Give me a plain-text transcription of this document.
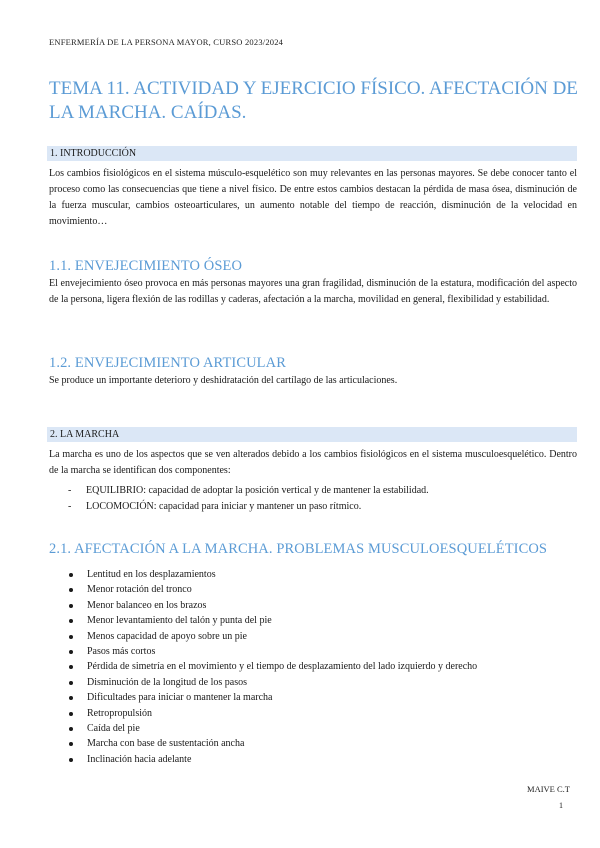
ENFERMERÍA DE LA PERSONA MAYOR, CURSO 2023/2024
TEMA 11. ACTIVIDAD Y EJERCICIO FÍSICO. AFECTACIÓN DE LA MARCHA. CAÍDAS.
1. INTRODUCCIÓN

Los cambios fisiológicos en el sistema músculo-esquelético son muy relevantes en las personas mayores. Se debe conocer tanto el proceso como las consecuencias que tiene a nivel físico. De entre estos cambios destacan la pérdida de masa ósea, disminución de la fuerza muscular, cambios osteoarticulares, un aumento notable del tiempo de reacción, disminución de la velocidad en movimiento…

1.1. ENVEJECIMIENTO ÓSEO

El envejecimiento óseo provoca en más personas mayores una gran fragilidad, disminución de la estatura, modificación del aspecto de la persona, ligera flexión de las rodillas y caderas, afectación a la marcha, movilidad en general, flexibilidad y estabilidad.

1.2. ENVEJECIMIENTO ARTICULAR

Se produce un importante deterioro y deshidratación del cartílago de las articulaciones.

2. LA MARCHA

La marcha es uno de los aspectos que se ven alterados debido a los cambios fisiológicos en el sistema musculoesquelético. Dentro de la marcha se identifican dos componentes:

- EQUILIBRIO: capacidad de adoptar la posición vertical y de mantener la estabilidad.
- LOCOMOCIÓN: capacidad para iniciar y mantener un paso rítmico.
2.1. AFECTACIÓN A LA MARCHA. PROBLEMAS MUSCULOESQUELÉTICOS
Lentitud en los desplazamientos
Menor rotación del tronco
Menor balanceo en los brazos
Menor levantamiento del talón y punta del pie
Menos capacidad de apoyo sobre un pie
Pasos más cortos
Pérdida de simetría en el movimiento y el tiempo de desplazamiento del lado izquierdo y derecho
Disminución de la longitud de los pasos
Dificultades para iniciar o mantener la marcha
Retropropulsión
Caída del pie
Marcha con base de sustentación ancha
Inclinación hacia adelante
MAIVE C.T
1
